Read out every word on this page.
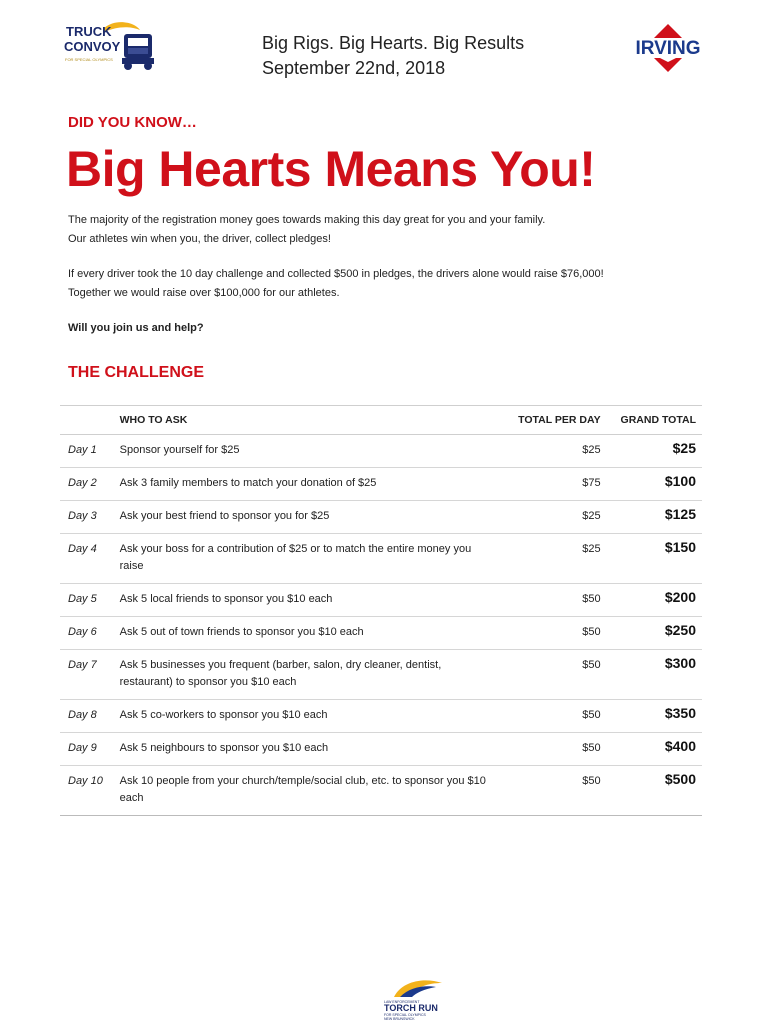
TRUCK
CONVOY
FOR SPECIAL OLYMPICS
Big Rigs. Big Hearts. Big Results
September 22nd, 2018
IRVING
DID YOU KNOW…
Big Hearts Means You!
The majority of the registration money goes towards making this day great for you and your family.
Our athletes win when you, the driver, collect pledges!
If every driver took the 10 day challenge and collected $500 in pledges, the drivers alone would raise $76,000!
Together we would raise over $100,000 for our athletes.
Will you join us and help?
THE CHALLENGE
	WHO TO ASK	TOTAL PER DAY	GRAND TOTAL
Day 1	Sponsor yourself for $25	$25	$25
Day 2	Ask 3 family members to match your donation of $25	$75	$100
Day 3	Ask your best friend to sponsor you for $25	$25	$125
Day 4	Ask your boss for a contribution of $25 or to match the entire money you raise	$25	$150
Day 5	Ask 5 local friends to sponsor you $10 each	$50	$200
Day 6	Ask 5 out of town friends to sponsor you $10 each	$50	$250
Day 7	Ask 5 businesses you frequent (barber, salon, dry cleaner, dentist, restaurant) to sponsor you $10 each	$50	$300
Day 8	Ask 5 co-workers to sponsor you $10 each	$50	$350
Day 9	Ask 5 neighbours to sponsor you $10 each	$50	$400
Day 10	Ask 10 people from your church/temple/social club, etc. to sponsor you $10 each	$50	$500
LAW ENFORCEMENT
TORCH RUN
FOR SPECIAL OLYMPICS
NEW BRUNSWICK
